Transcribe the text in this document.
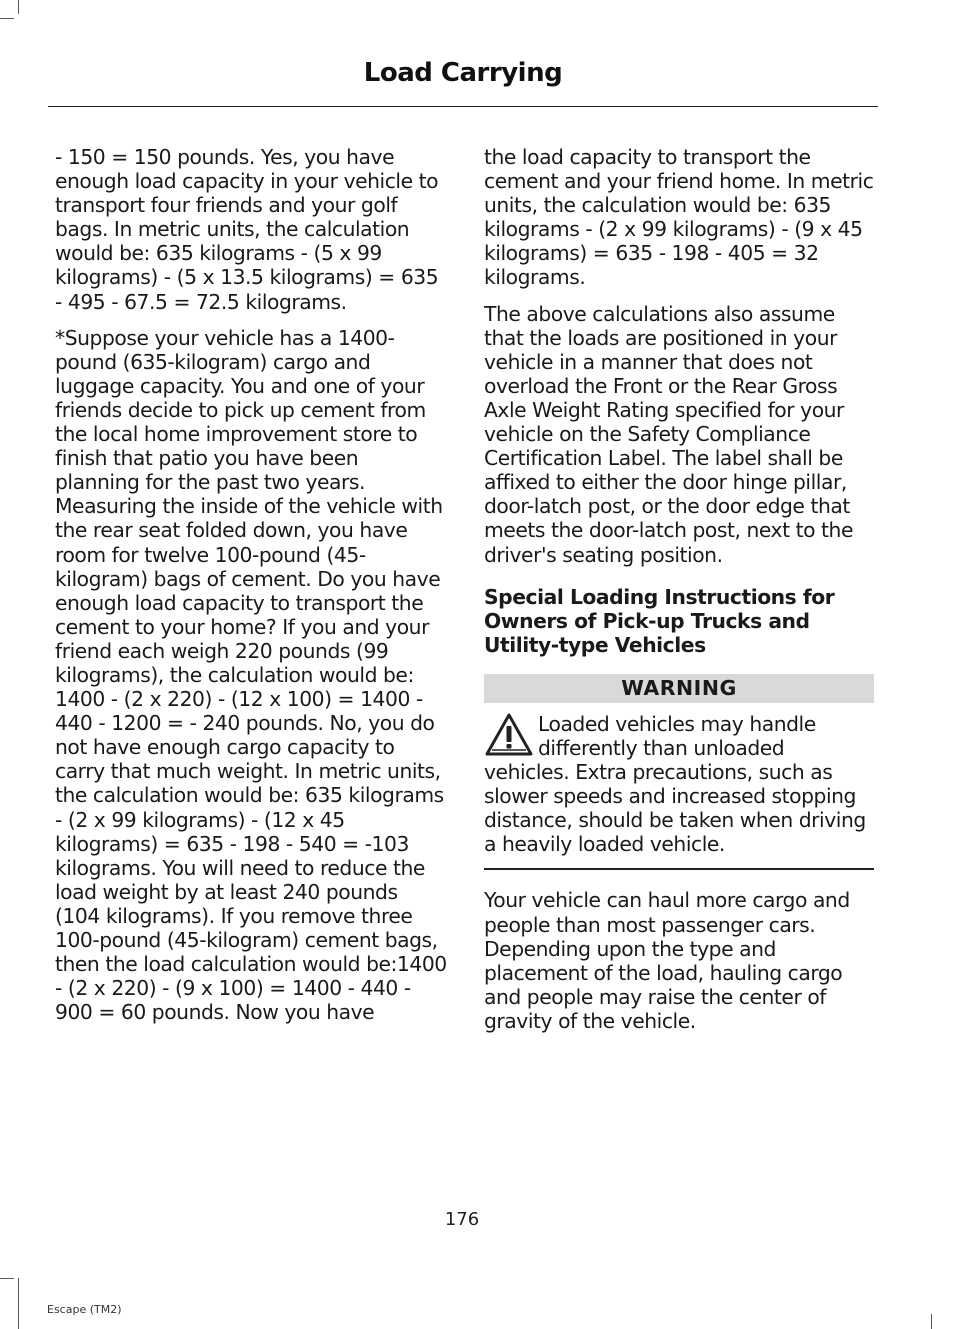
Load Carrying

- 150 = 150 pounds. Yes, you have enough load capacity in your vehicle to transport four friends and your golf bags. In metric units, the calculation would be: 635 kilograms - (5 x 99 kilograms) - (5 x 13.5 kilograms) = 635 - 495 - 67.5 = 72.5 kilograms.

*Suppose your vehicle has a 1400-pound (635-kilogram) cargo and luggage capacity. You and one of your friends decide to pick up cement from the local home improvement store to finish that patio you have been planning for the past two years. Measuring the inside of the vehicle with the rear seat folded down, you have room for twelve 100-pound (45-kilogram) bags of cement. Do you have enough load capacity to transport the cement to your home? If you and your friend each weigh 220 pounds (99 kilograms), the calculation would be: 1400 - (2 x 220) - (12 x 100) = 1400 - 440 - 1200 = - 240 pounds. No, you do not have enough cargo capacity to carry that much weight. In metric units, the calculation would be: 635 kilograms - (2 x 99 kilograms) - (12 x 45 kilograms) = 635 - 198 - 540 = -103 kilograms. You will need to reduce the load weight by at least 240 pounds (104 kilograms). If you remove three 100-pound (45-kilogram) cement bags, then the load calculation would be:1400 - (2 x 220) - (9 x 100) = 1400 - 440 - 900 = 60 pounds. Now you have

the load capacity to transport the cement and your friend home. In metric units, the calculation would be: 635 kilograms - (2 x 99 kilograms) - (9 x 45 kilograms) = 635 - 198 - 405 = 32 kilograms.

The above calculations also assume that the loads are positioned in your vehicle in a manner that does not overload the Front or the Rear Gross Axle Weight Rating specified for your vehicle on the Safety Compliance Certification Label. The label shall be affixed to either the door hinge pillar, door-latch post, or the door edge that meets the door-latch post, next to the driver's seating position.

Special Loading Instructions for Owners of Pick-up Trucks and Utility-type Vehicles
WARNING

Loaded vehicles may handle differently than unloaded vehicles. Extra precautions, such as slower speeds and increased stopping distance, should be taken when driving a heavily loaded vehicle.

Your vehicle can haul more cargo and people than most passenger cars. Depending upon the type and placement of the load, hauling cargo and people may raise the center of gravity of the vehicle.

176
Escape (TM2)
